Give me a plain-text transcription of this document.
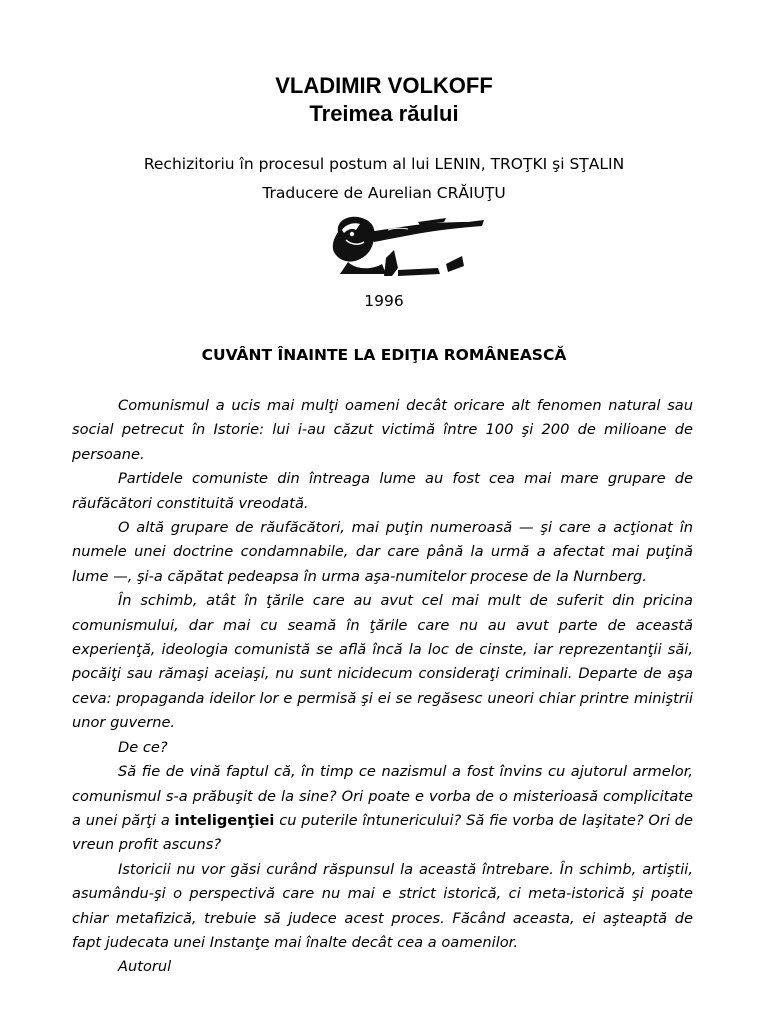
VLADIMIR VOLKOFF
Treimea răului
Rechizitoriu în procesul postum al lui LENIN, TROŢKI şi SŢALIN
Traducere de Aurelian CRĂIUŢU
1996
CUVÂNT ÎNAINTE LA EDIŢIA ROMÂNEASCĂ

Comunismul a ucis mai mulţi oameni decât oricare alt fenomen natural sau social petrecut în Istorie: lui i-au căzut victimă între 100 şi 200 de milioane de persoane.

Partidele comuniste din întreaga lume au fost cea mai mare grupare de răufăcători constituită vreodată.

O altă grupare de răufăcători, mai puţin numeroasă — şi care a acţionat în numele unei doctrine condamnabile, dar care până la urmă a afectat mai puţină lume —, şi-a căpătat pedeapsa în urma aşa-numitelor procese de la Nurnberg.

În schimb, atât în ţările care au avut cel mai mult de suferit din pricina comunismului, dar mai cu seamă în ţările care nu au avut parte de această experienţă, ideologia comunistă se află încă la loc de cinste, iar reprezentanţii săi, pocăiţi sau rămaşi aceiaşi, nu sunt nicidecum consideraţi criminali. Departe de aşa ceva: propaganda ideilor lor e permisă şi ei se regăsesc uneori chiar printre miniştrii unor guverne.

De ce?

Să fie de vină faptul că, în timp ce nazismul a fost învins cu ajutorul armelor, comunismul s-a prăbuşit de la sine? Ori poate e vorba de o misterioasă complicitate a unei părţi a inteligenţiei cu puterile întunericului? Să fie vorba de laşitate? Ori de vreun profit ascuns?

Istoricii nu vor găsi curând răspunsul la această întrebare. În schimb, artiştii, asumându-şi o perspectivă care nu mai e strict istorică, ci meta-istorică şi poate chiar metafizică, trebuie să judece acest proces. Făcând aceasta, ei aşteaptă de fapt judecata unei Instanţe mai înalte decât cea a oamenilor.

Autorul
